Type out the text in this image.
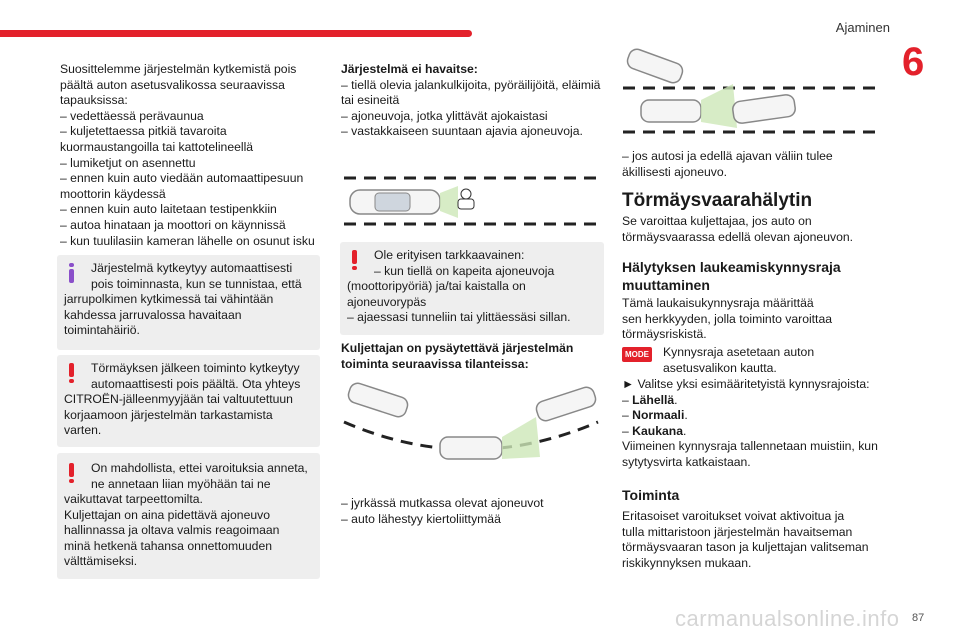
Ajaminen
6

Suosittelemme järjestelmän kytkemistä pois

päältä auton asetusvalikossa seuraavissa

tapauksissa:

– vedettäessä perävaunua

– kuljetettaessa pitkiä tavaroita

kuormaustangoilla tai kattotelineellä

– lumiketjut on asennettu

– ennen kuin auto viedään automaattipesuun

moottorin käydessä

– ennen kuin auto laitetaan testipenkkiin

– autoa hinataan ja moottori on käynnissä

– kun tuulilasiin kameran lähelle on osunut isku

Järjestelmä kytkeytyy automaattisesti

pois toiminnasta, kun se tunnistaa, että

jarrupolkimen kytkimessä tai vähintään

kahdessa jarruvalossa havaitaan

toimintahäiriö.

Törmäyksen jälkeen toiminto kytkeytyy

automaattisesti pois päältä. Ota yhteys

CITROËN-jälleenmyyjään tai valtuutettuun

korjaamoon järjestelmän tarkastamista

varten.

On mahdollista, ettei varoituksia anneta,

ne annetaan liian myöhään tai ne

vaikuttavat tarpeettomilta.

Kuljettajan on aina pidettävä ajoneuvo

hallinnassa ja oltava valmis reagoimaan

minä hetkenä tahansa onnettomuuden

välttämiseksi.

Järjestelmä ei havaitse:

– tiellä olevia jalankulkijoita, pyöräilijöitä, eläimiä

tai esineitä

– ajoneuvoja, jotka ylittävät ajokaistasi

– vastakkaiseen suuntaan ajavia ajoneuvoja.

Ole erityisen tarkkaavainen:

– kun tiellä on kapeita ajoneuvoja

(moottoripyöriä) ja/tai kaistalla on

ajoneuvorypäs

– ajaessasi tunneliin tai ylittäessäsi sillan.

Kuljettajan on pysäytettävä järjestelmän

toiminta seuraavissa tilanteissa:

– jyrkässä mutkassa olevat ajoneuvot

– auto lähestyy kiertoliittymää

– jos autosi ja edellä ajavan väliin tulee

äkillisesti ajoneuvo.

Törmäysvaarahälytin

Se varoittaa kuljettajaa, jos auto on

törmäysvaarassa edellä olevan ajoneuvon.

Hälytyksen laukeamiskynnysraja
muuttaminen

Tämä laukaisukynnysraja määrittää

sen herkkyyden, jolla toiminto varoittaa

törmäysriskistä.

MODE Kynnysraja asetetaan auton

asetusvalikon kautta.

► Valitse yksi esimääritetyistä kynnysrajoista:

– Lähellä.

– Normaali.

– Kaukana.

Viimeinen kynnysraja tallennetaan muistiin, kun

sytytysvirta katkaistaan.

Toiminta

Eritasoiset varoitukset voivat aktivoitua ja

tulla mittaristoon järjestelmän havaitseman

törmäysvaaran tason ja kuljettajan valitseman

riskikynnyksen mukaan.

carmanualsonline.info 87
